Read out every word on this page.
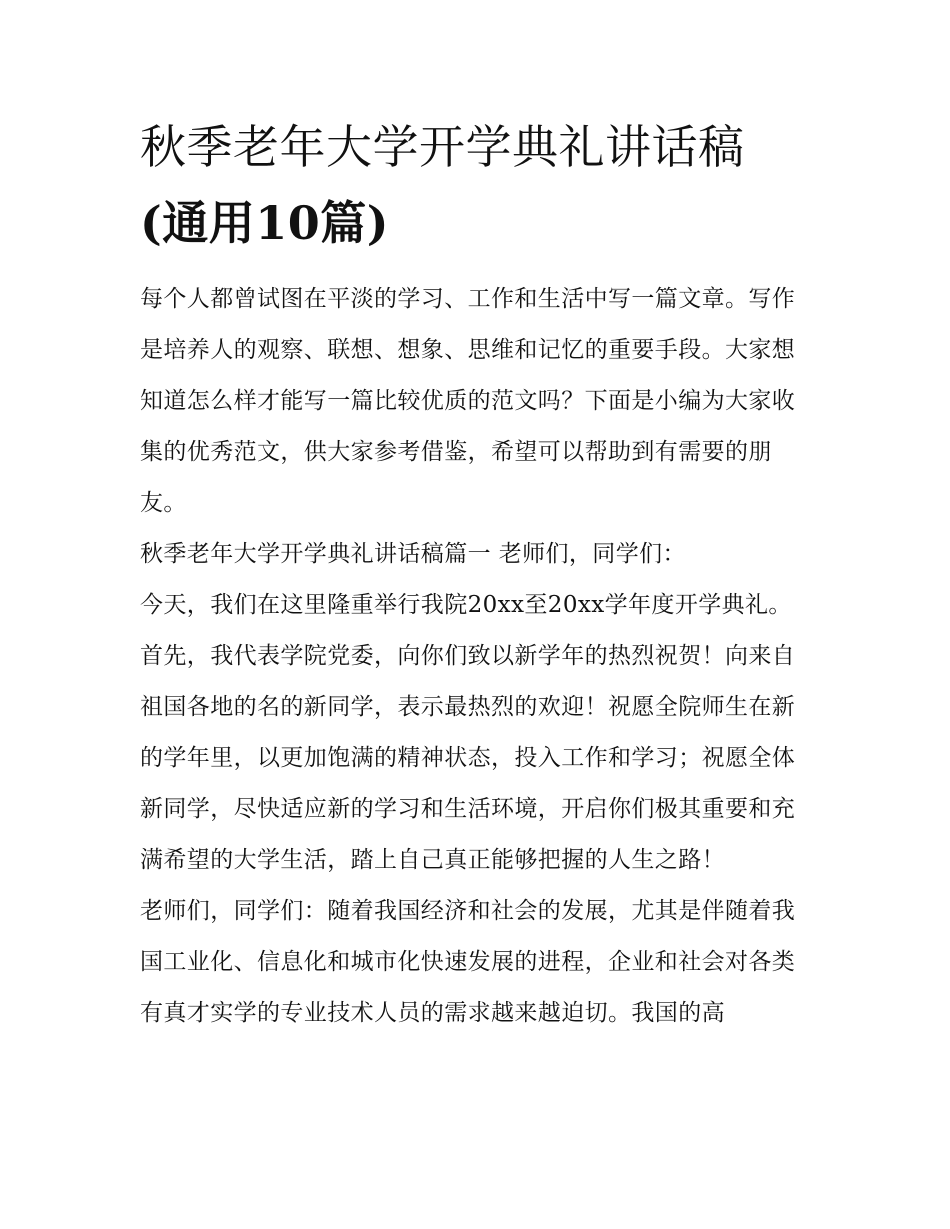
秋季老年大学开学典礼讲话稿
(通用10篇)

每个人都曾试图在平淡的学习、工作和生活中写一篇文章。写作是培养人的观察、联想、想象、思维和记忆的重要手段。大家想知道怎么样才能写一篇比较优质的范文吗？下面是小编为大家收集的优秀范文，供大家参考借鉴，希望可以帮助到有需要的朋友。

秋季老年大学开学典礼讲话稿篇一 老师们，同学们：

今天，我们在这里隆重举行我院20xx至20xx学年度开学典礼。首先，我代表学院党委，向你们致以新学年的热烈祝贺！向来自祖国各地的名的新同学，表示最热烈的欢迎！祝愿全院师生在新的学年里，以更加饱满的精神状态，投入工作和学习；祝愿全体新同学，尽快适应新的学习和生活环境，开启你们极其重要和充满希望的大学生活，踏上自己真正能够把握的人生之路！

老师们，同学们：随着我国经济和社会的发展，尤其是伴随着我国工业化、信息化和城市化快速发展的进程，企业和社会对各类有真才实学的专业技术人员的需求越来越迫切。我国的高
